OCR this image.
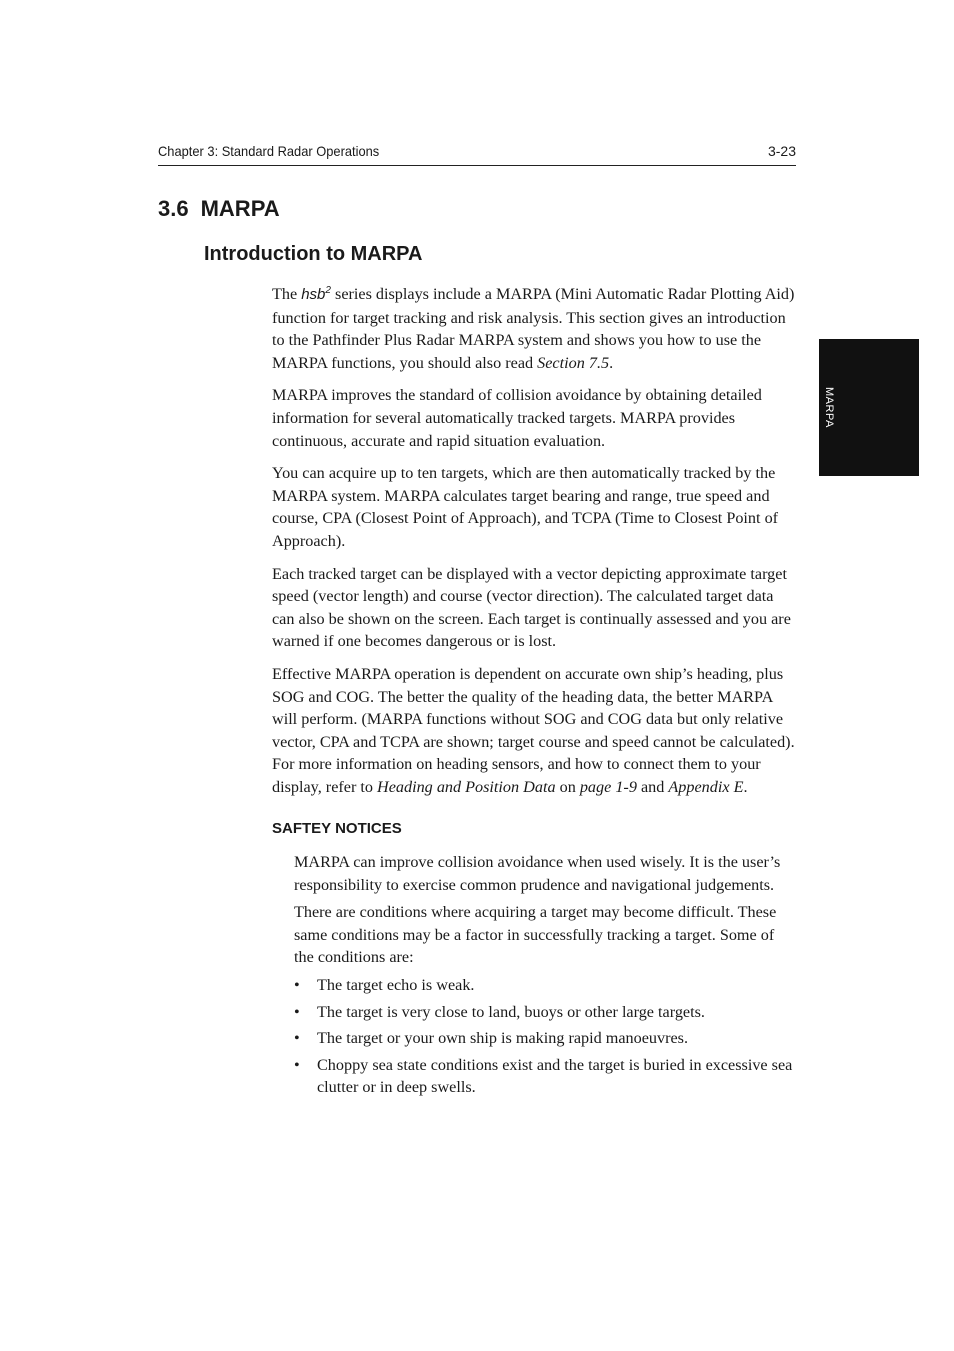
Chapter 3: Standard Radar Operations	3-23
MARPA
3.6 MARPA
Introduction to MARPA

The hsb$^2$ series displays include a MARPA (Mini Automatic Radar Plotting Aid) function for target tracking and risk analysis. This section gives an introduction to the Pathfinder Plus Radar MARPA system and shows you how to use the MARPA functions, you should also read Section 7.5.

MARPA improves the standard of collision avoidance by obtaining detailed information for several automatically tracked targets. MARPA provides continuous, accurate and rapid situation evaluation.

You can acquire up to ten targets, which are then automatically tracked by the MARPA system. MARPA calculates target bearing and range, true speed and course, CPA (Closest Point of Approach), and TCPA (Time to Closest Point of Approach).

Each tracked target can be displayed with a vector depicting approximate target speed (vector length) and course (vector direction). The calculated target data can also be shown on the screen. Each target is continually assessed and you are warned if one becomes dangerous or is lost.

Effective MARPA operation is dependent on accurate own ship’s heading, plus SOG and COG. The better the quality of the heading data, the better MARPA will perform. (MARPA functions without SOG and COG data but only relative vector, CPA and TCPA are shown; target course and speed cannot be calculated). For more information on heading sensors, and how to connect them to your display, refer to Heading and Position Data on page 1-9 and Appendix E.

SAFTEY NOTICES

MARPA can improve collision avoidance when used wisely. It is the user’s responsibility to exercise common prudence and navigational judgements.

There are conditions where acquiring a target may become difficult. These same conditions may be a factor in successfully tracking a target. Some of the conditions are:

• The target echo is weak.
• The target is very close to land, buoys or other large targets.
• The target or your own ship is making rapid manoeuvres.
• Choppy sea state conditions exist and the target is buried in excessive sea clutter or in deep swells.
